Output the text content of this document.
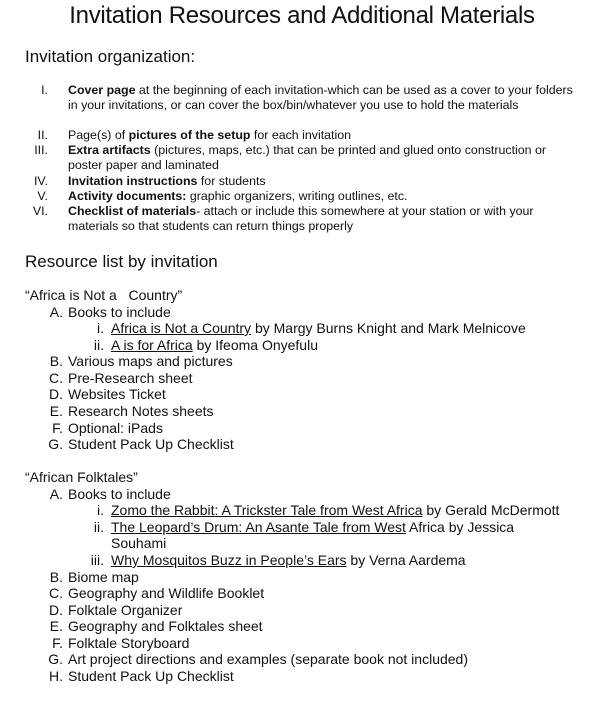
Invitation Resources and Additional Materials
Invitation organization:
I. Cover page at the beginning of each invitation-which can be used as a cover to your folders in your invitations, or can cover the box/bin/whatever you use to hold the materials
II. Page(s) of pictures of the setup for each invitation
III. Extra artifacts (pictures, maps, etc.) that can be printed and glued onto construction or poster paper and laminated
IV. Invitation instructions for students
V. Activity documents: graphic organizers, writing outlines, etc.
VI. Checklist of materials- attach or include this somewhere at your station or with your materials so that students can return things properly
Resource list by invitation
“Africa is Not a   Country”
A. Books to include
i. Africa is Not a Country by Margy Burns Knight and Mark Melnicove
ii. A is for Africa by Ifeoma Onyefulu
B. Various maps and pictures
C. Pre-Research sheet
D. Websites Ticket
E. Research Notes sheets
F. Optional: iPads
G. Student Pack Up Checklist
“African Folktales”
A. Books to include
i. Zomo the Rabbit: A Trickster Tale from West Africa by Gerald McDermott
ii. The Leopard’s Drum: An Asante Tale from West Africa by Jessica
Souhami
iii. Why Mosquitos Buzz in People’s Ears by Verna Aardema
B. Biome map
C. Geography and Wildlife Booklet
D. Folktale Organizer
E. Geography and Folktales sheet
F. Folktale Storyboard
G. Art project directions and examples (separate book not included)
H. Student Pack Up Checklist
